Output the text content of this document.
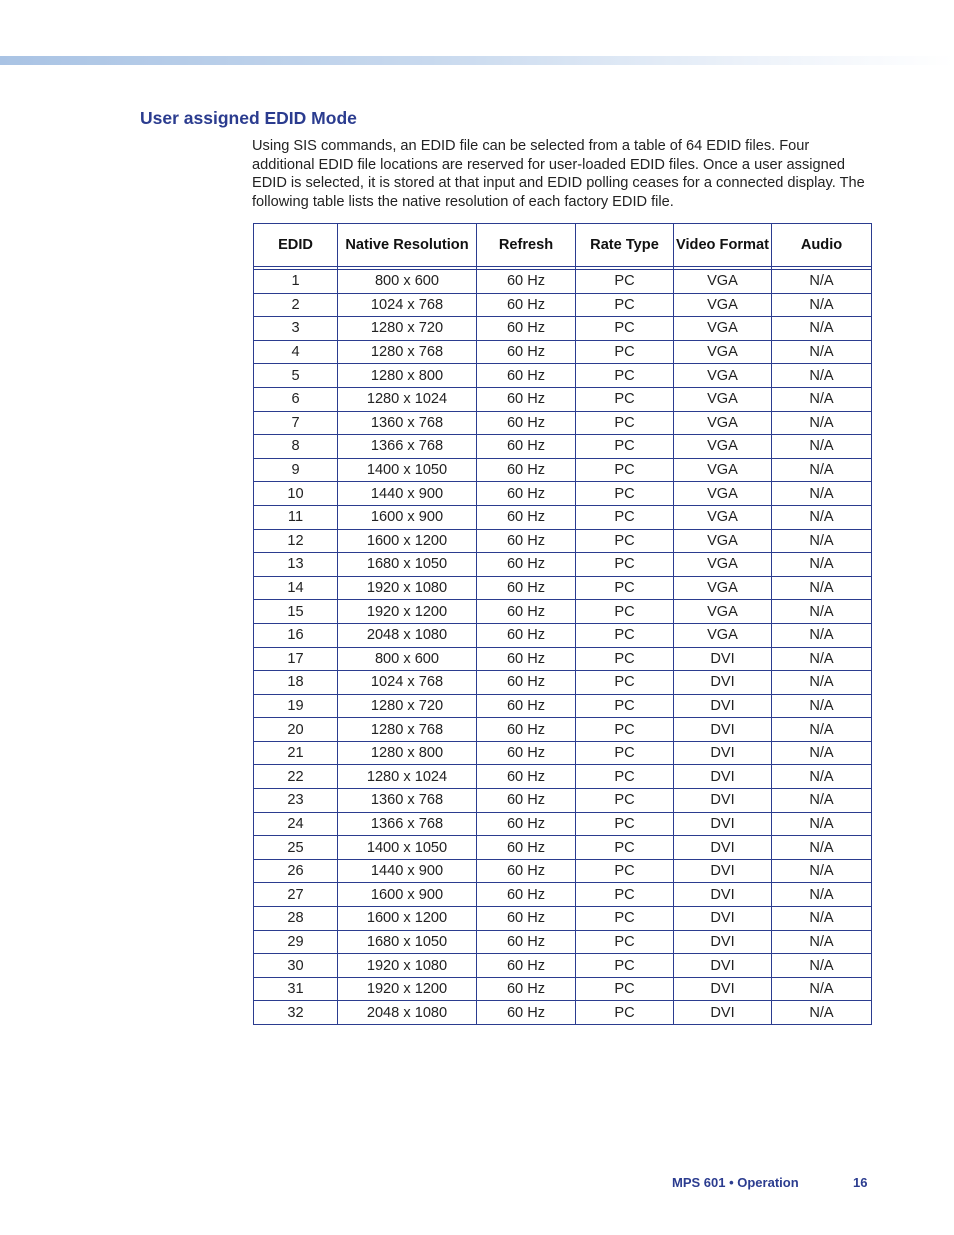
User assigned EDID Mode

Using SIS commands, an EDID file can be selected from a table of 64 EDID files. Four additional EDID file locations are reserved for user-loaded EDID files. Once a user assigned EDID is selected, it is stored at that input and EDID polling ceases for a connected display. The following table lists the native resolution of each factory EDID file.

EDID	Native Resolution	Refresh	Rate Type	Video Format	Audio

1	800 x 600	60 Hz	PC	VGA	N/A
2	1024 x 768	60 Hz	PC	VGA	N/A
3	1280 x 720	60 Hz	PC	VGA	N/A
4	1280 x 768	60 Hz	PC	VGA	N/A
5	1280 x 800	60 Hz	PC	VGA	N/A
6	1280 x 1024	60 Hz	PC	VGA	N/A
7	1360 x 768	60 Hz	PC	VGA	N/A
8	1366 x 768	60 Hz	PC	VGA	N/A
9	1400 x 1050	60 Hz	PC	VGA	N/A
10	1440 x 900	60 Hz	PC	VGA	N/A
11	1600 x 900	60 Hz	PC	VGA	N/A
12	1600 x 1200	60 Hz	PC	VGA	N/A
13	1680 x 1050	60 Hz	PC	VGA	N/A
14	1920 x 1080	60 Hz	PC	VGA	N/A
15	1920 x 1200	60 Hz	PC	VGA	N/A
16	2048 x 1080	60 Hz	PC	VGA	N/A
17	800 x 600	60 Hz	PC	DVI	N/A
18	1024 x 768	60 Hz	PC	DVI	N/A
19	1280 x 720	60 Hz	PC	DVI	N/A
20	1280 x 768	60 Hz	PC	DVI	N/A
21	1280 x 800	60 Hz	PC	DVI	N/A
22	1280 x 1024	60 Hz	PC	DVI	N/A
23	1360 x 768	60 Hz	PC	DVI	N/A
24	1366 x 768	60 Hz	PC	DVI	N/A
25	1400 x 1050	60 Hz	PC	DVI	N/A
26	1440 x 900	60 Hz	PC	DVI	N/A
27	1600 x 900	60 Hz	PC	DVI	N/A
28	1600 x 1200	60 Hz	PC	DVI	N/A
29	1680 x 1050	60 Hz	PC	DVI	N/A
30	1920 x 1080	60 Hz	PC	DVI	N/A
31	1920 x 1200	60 Hz	PC	DVI	N/A
32	2048 x 1080	60 Hz	PC	DVI	N/A
MPS 601 • Operation	16
